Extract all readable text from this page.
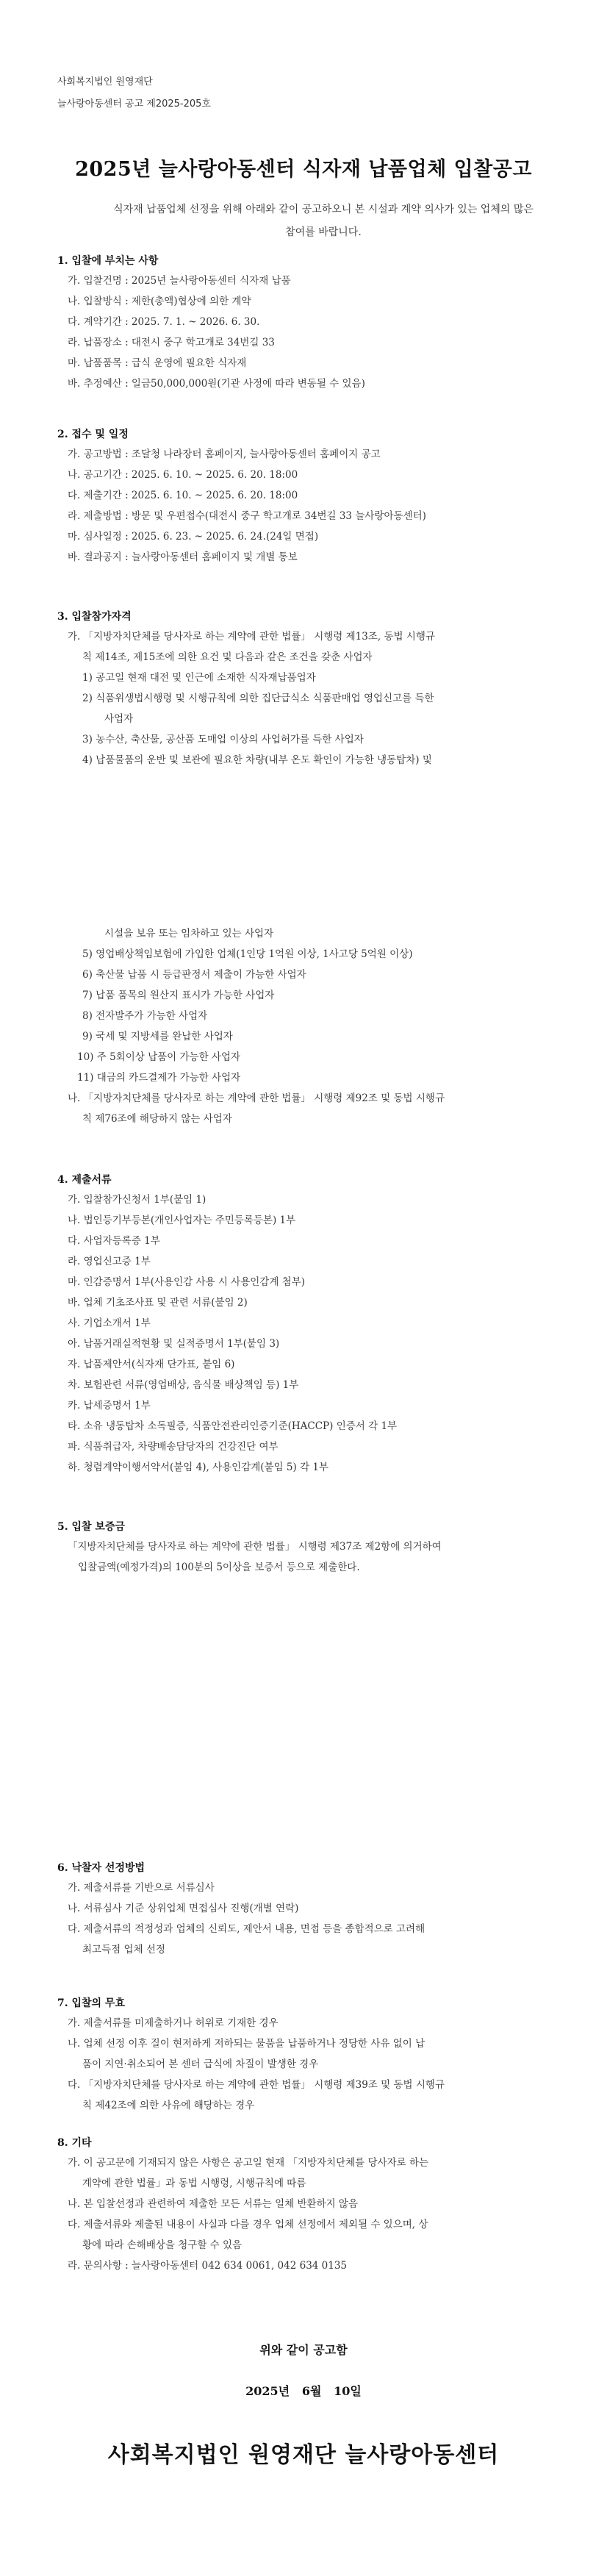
사회복지법인 원영재단
늘사랑아동센터 공고 제2025-205호
2025년 늘사랑아동센터 식자재 납품업체 입찰공고
식자재 납품업체 선정을 위해 아래와 같이 공고하오니 본 시설과 계약 의사가 있는 업체의 많은 참여를 바랍니다.
1. 입찰에 부치는 사항
가. 입찰건명 : 2025년 늘사랑아동센터 식자재 납품
나. 입찰방식 : 제한(총액)협상에 의한 계약
다. 계약기간 : 2025. 7. 1. ~ 2026. 6. 30.
라. 납품장소 : 대전시 중구 학고개로 34번길 33
마. 납품품목 : 급식 운영에 필요한 식자재
바. 추정예산 : 일금50,000,000원(기관 사정에 따라 변동될 수 있음)
2. 접수 및 일정
가. 공고방법 : 조달청 나라장터 홈페이지, 늘사랑아동센터 홈페이지 공고
나. 공고기간 : 2025. 6. 10. ~ 2025. 6. 20. 18:00
다. 제출기간 : 2025. 6. 10. ~ 2025. 6. 20. 18:00
라. 제출방법 : 방문 및 우편접수(대전시 중구 학고개로 34번길 33 늘사랑아동센터)
마. 심사일정 : 2025. 6. 23. ~ 2025. 6. 24.(24일 면접)
바. 결과공지 : 늘사랑아동센터 홈페이지 및 개별 통보
3. 입찰참가자격
가. 「지방자치단체를 당사자로 하는 계약에 관한 법률」 시행령 제13조, 동법 시행규
칙 제14조, 제15조에 의한 요건 및 다음과 같은 조건을 갖춘 사업자
1) 공고일 현재 대전 및 인근에 소재한 식자재납품업자
2) 식품위생법시행령 및 시행규칙에 의한 집단급식소 식품판매업 영업신고를 득한
사업자
3) 농수산, 축산물, 공산품 도매업 이상의 사업허가를 득한 사업자
4) 납품물품의 운반 및 보관에 필요한 차량(내부 온도 확인이 가능한 냉동탑차) 및
시설을 보유 또는 임차하고 있는 사업자
5) 영업배상책임보험에 가입한 업체(1인당 1억원 이상, 1사고당 5억원 이상)
6) 축산물 납품 시 등급판정서 제출이 가능한 사업자
7) 납품 품목의 원산지 표시가 가능한 사업자
8) 전자발주가 가능한 사업자
9) 국세 및 지방세를 완납한 사업자
10) 주 5회이상 납품이 가능한 사업자
11) 대금의 카드결제가 가능한 사업자
나. 「지방자치단체를 당사자로 하는 계약에 관한 법률」 시행령 제92조 및 동법 시행규
칙 제76조에 해당하지 않는 사업자
4. 제출서류
가. 입찰참가신청서 1부(붙임 1)
나. 법인등기부등본(개인사업자는 주민등록등본) 1부
다. 사업자등록증 1부
라. 영업신고증 1부
마. 인감증명서 1부(사용인감 사용 시 사용인감계 첨부)
바. 업체 기초조사표 및 관련 서류(붙임 2)
사. 기업소개서 1부
아. 납품거래실적현황 및 실적증명서 1부(붙임 3)
자. 납품제안서(식자재 단가표, 붙임 6)
차. 보험관련 서류(영업배상, 음식물 배상책임 등) 1부
카. 납세증명서 1부
타. 소유 냉동탑차 소독필증, 식품안전관리인증기준(HACCP) 인증서 각 1부
파. 식품취급자, 차량배송담당자의 건강진단 여부
하. 청렴계약이행서약서(붙임 4), 사용인감계(붙임 5) 각 1부
5. 입찰 보증금
「지방자치단체를 당사자로 하는 계약에 관한 법률」 시행령 제37조 제2항에 의거하여
입찰금액(예정가격)의 100분의 5이상을 보증서 등으로 제출한다.
6. 낙찰자 선정방법
가. 제출서류를 기반으로 서류심사
나. 서류심사 기준 상위업체 면접심사 진행(개별 연락)
다. 제출서류의 적정성과 업체의 신뢰도, 제안서 내용, 면접 등을 종합적으로 고려해
최고득점 업체 선정
7. 입찰의 무효
가. 제출서류를 미제출하거나 허위로 기재한 경우
나. 업체 선정 이후 질이 현저하게 저하되는 물품을 납품하거나 정당한 사유 없이 납
품이 지연·취소되어 본 센터 급식에 차질이 발생한 경우
다. 「지방자치단체를 당사자로 하는 계약에 관한 법률」 시행령 제39조 및 동법 시행규
칙 제42조에 의한 사유에 해당하는 경우
8. 기타
가. 이 공고문에 기재되지 않은 사항은 공고일 현재 「지방자치단체를 당사자로 하는
계약에 관한 법률」과 동법 시행령, 시행규칙에 따름
나. 본 입찰선정과 관련하여 제출한 모든 서류는 일체 반환하지 않음
다. 제출서류와 제출된 내용이 사실과 다를 경우 업체 선정에서 제외될 수 있으며, 상
황에 따라 손해배상을 청구할 수 있음
라. 문의사항 : 늘사랑아동센터 042 634 0061, 042 634 0135
위와 같이 공고함
2025년   6월   10일
사회복지법인 원영재단 늘사랑아동센터
